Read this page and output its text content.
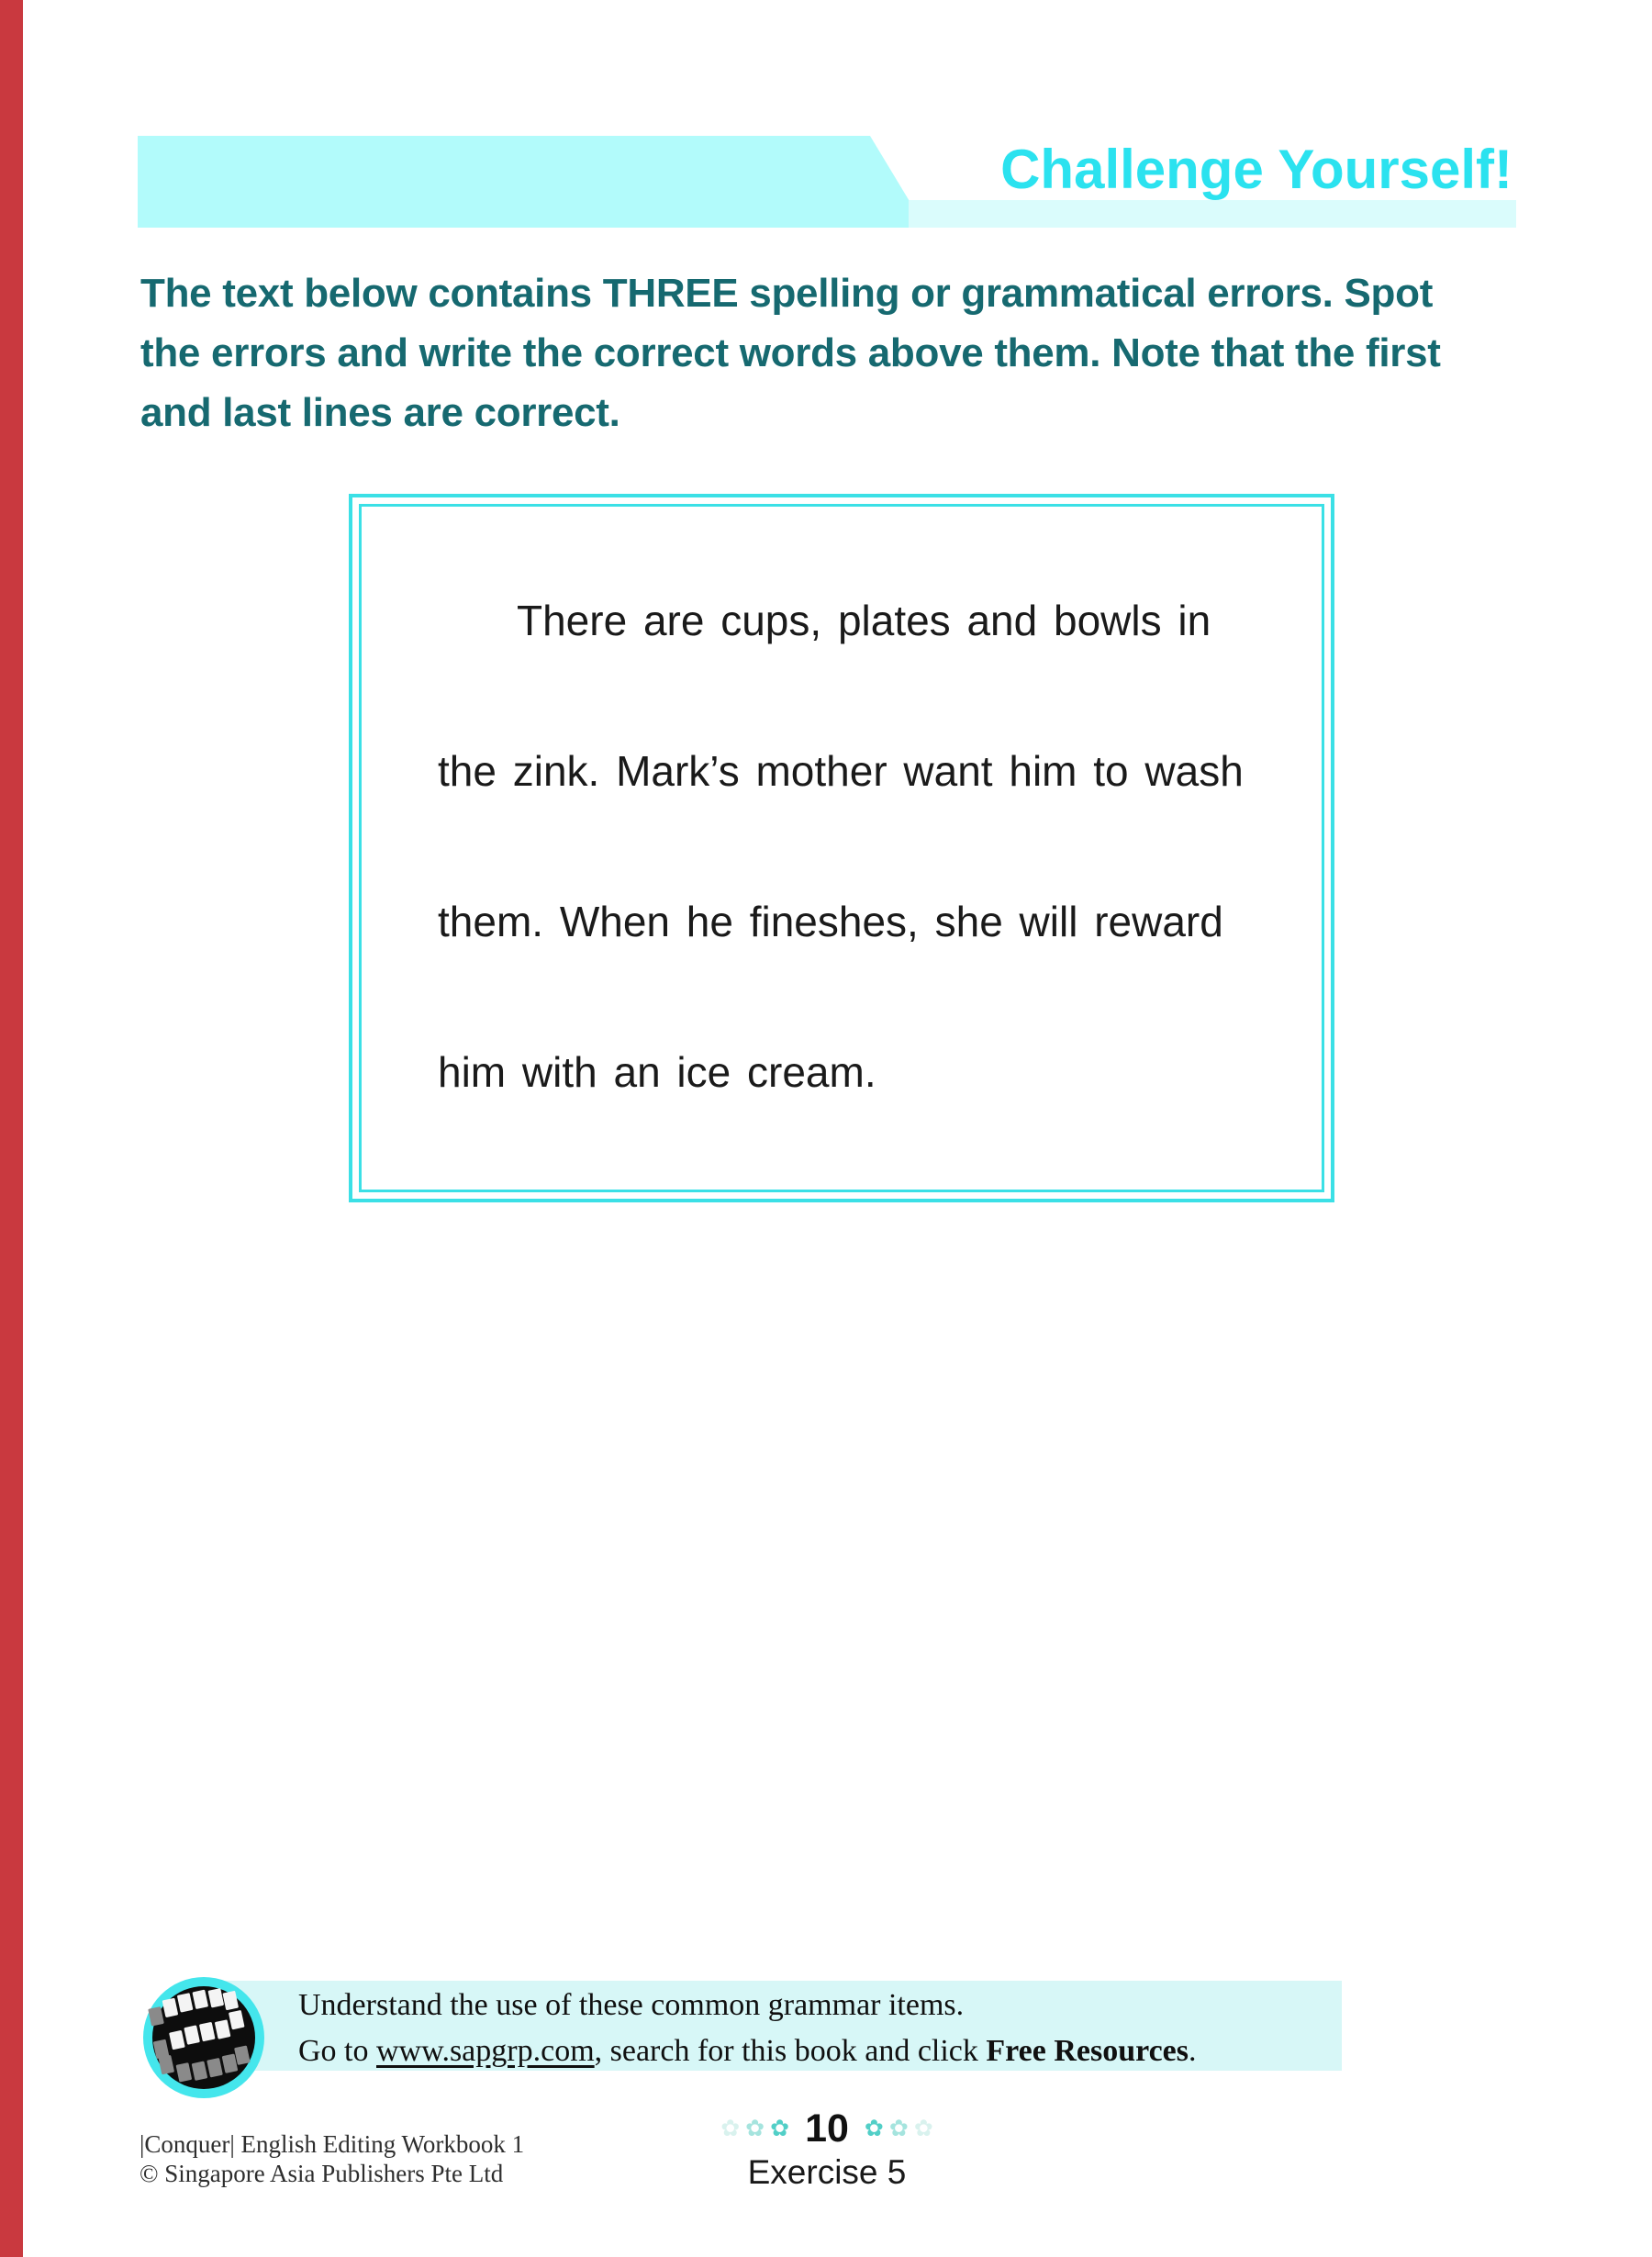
Challenge Yourself!
The text below contains THREE spelling or grammatical errors. Spot
the errors and write the correct words above them. Note that the first
and last lines are correct.
There are cups, plates and bowls in
the zink. Mark’s mother want him to wash
them. When he fineshes, she will reward
him with an ice cream.
Understand the use of these common grammar items.
Go to www.sapgrp.com, search for this book and click Free Resources.
✿ ✿ ✿ 10 ✿ ✿ ✿
Exercise 5
|Conquer| English Editing Workbook 1
© Singapore Asia Publishers Pte Ltd
